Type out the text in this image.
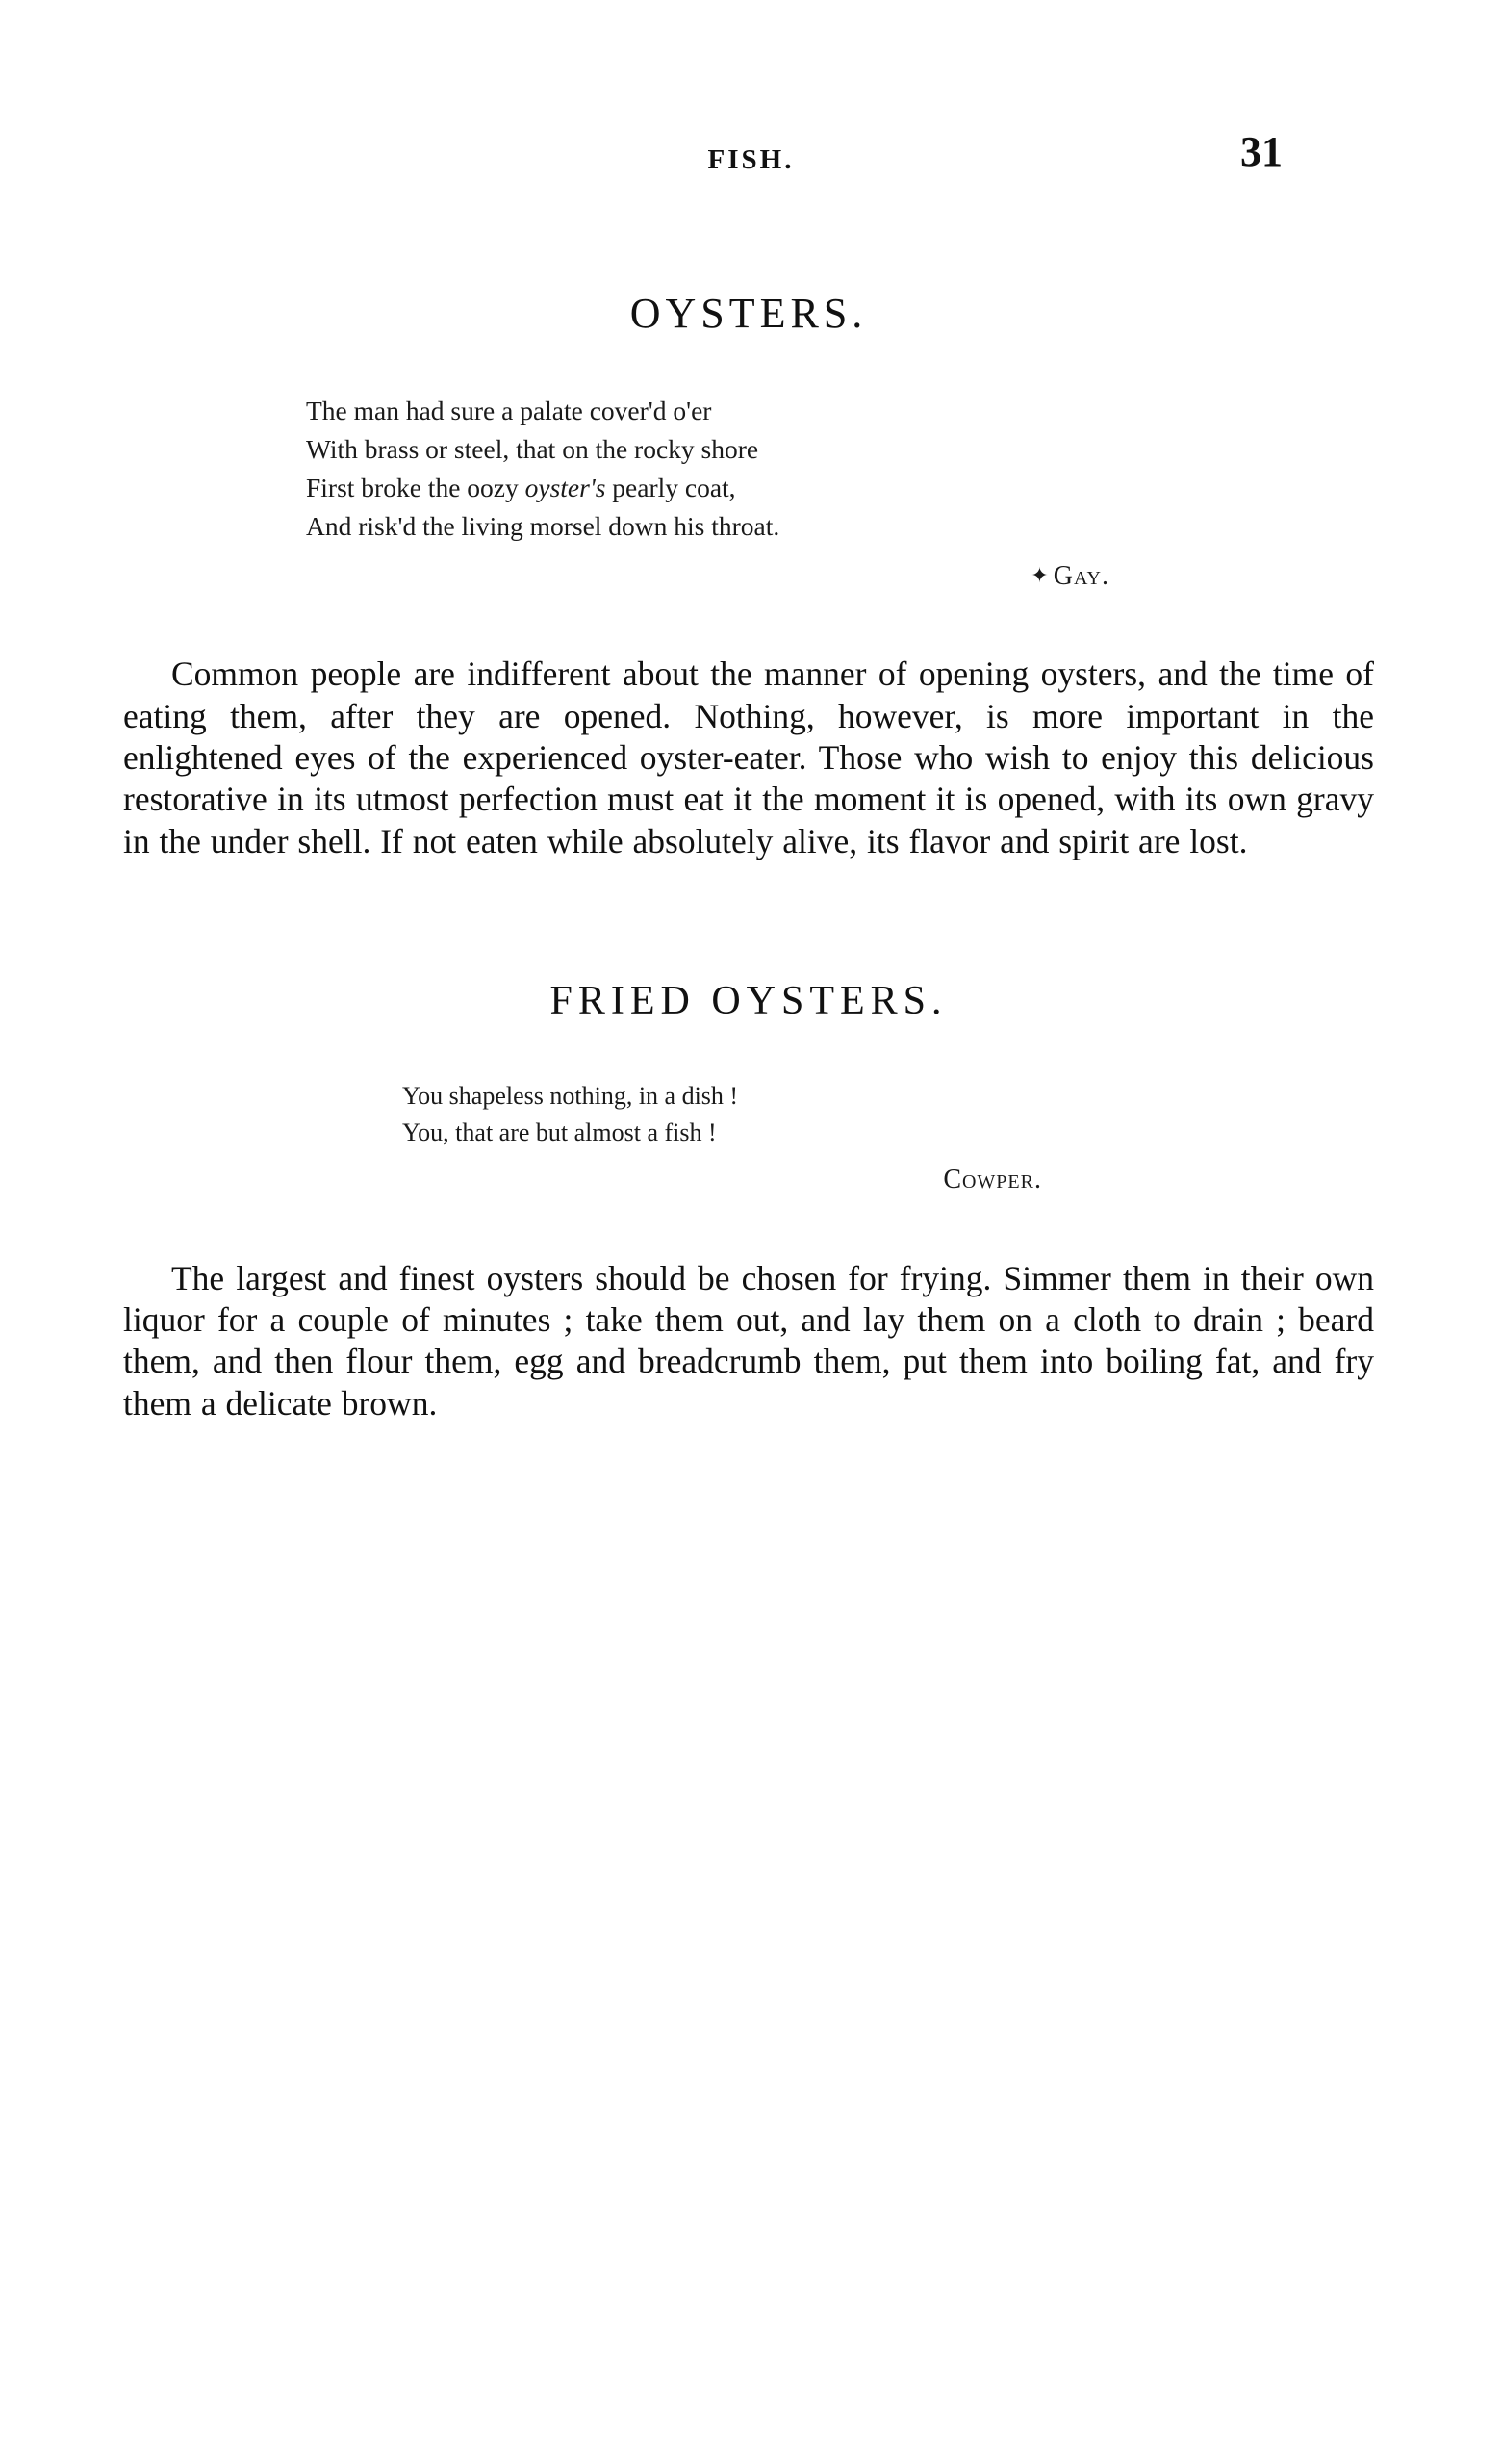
FISH.	31
OYSTERS.
The man had sure a palate cover'd o'er
With brass or steel, that on the rocky shore
First broke the oozy oyster's pearly coat,
And risk'd the living morsel down his throat.
✦ Gay.

Common people are indifferent about the manner of opening oysters, and the time of eating them, after they are opened. Nothing, however, is more important in the enlightened eyes of the experienced oyster-eater. Those who wish to enjoy this delicious restorative in its utmost perfection must eat it the moment it is opened, with its own gravy in the under shell. If not eaten while absolutely alive, its flavor and spirit are lost.

FRIED OYSTERS.
You shapeless nothing, in a dish !
You, that are but almost a fish !
Cowper.

The largest and finest oysters should be chosen for frying. Simmer them in their own liquor for a couple of minutes ; take them out, and lay them on a cloth to drain ; beard them, and then flour them, egg and breadcrumb them, put them into boiling fat, and fry them a delicate brown.
